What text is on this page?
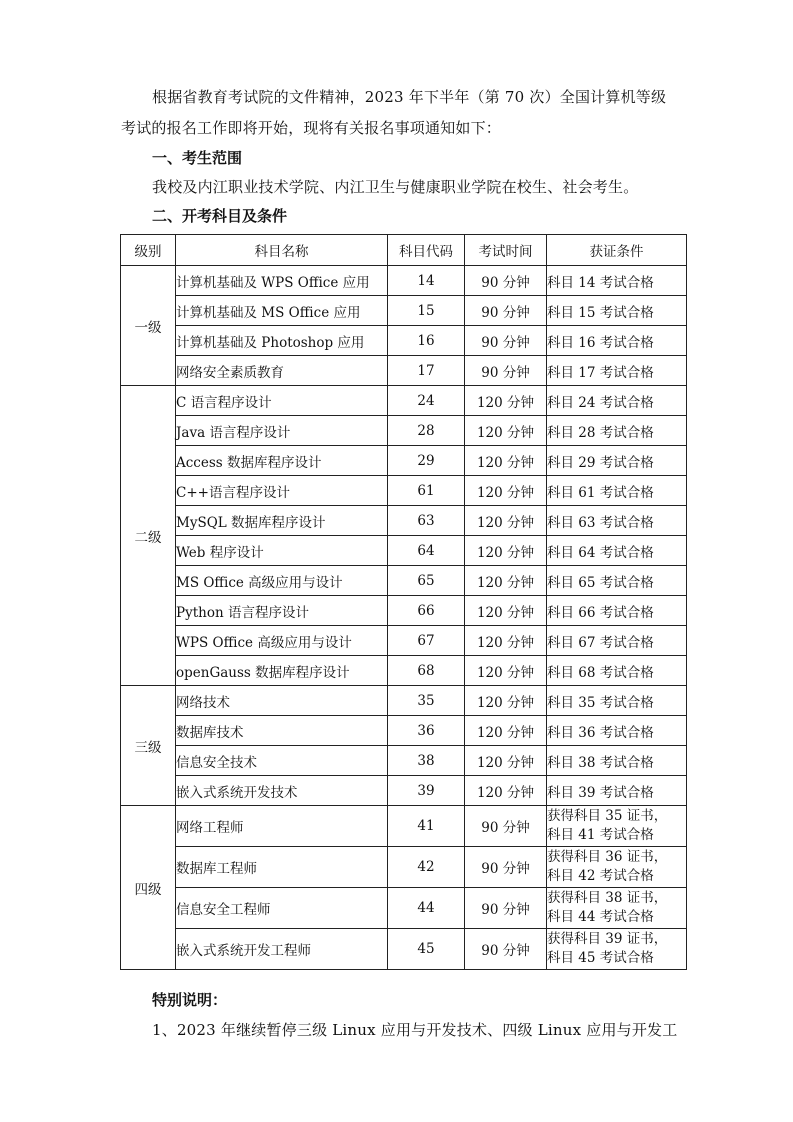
根据省教育考试院的文件精神，2023 年下半年（第 70 次）全国计算机等级
考试的报名工作即将开始，现将有关报名事项通知如下：
一、考生范围
我校及内江职业技术学院、内江卫生与健康职业学院在校生、社会考生。
二、开考科目及条件
级别	科目名称	科目代码	考试时间	获证条件
一级	计算机基础及 WPS Office 应用	14	90 分钟	科目 14 考试合格
	计算机基础及 MS Office 应用	15	90 分钟	科目 15 考试合格
	计算机基础及 Photoshop 应用	16	90 分钟	科目 16 考试合格
	网络安全素质教育	17	90 分钟	科目 17 考试合格
二级	C 语言程序设计	24	120 分钟	科目 24 考试合格
	Java 语言程序设计	28	120 分钟	科目 28 考试合格
	Access 数据库程序设计	29	120 分钟	科目 29 考试合格
	C++语言程序设计	61	120 分钟	科目 61 考试合格
	MySQL 数据库程序设计	63	120 分钟	科目 63 考试合格
	Web 程序设计	64	120 分钟	科目 64 考试合格
	MS Office 高级应用与设计	65	120 分钟	科目 65 考试合格
	Python 语言程序设计	66	120 分钟	科目 66 考试合格
	WPS Office 高级应用与设计	67	120 分钟	科目 67 考试合格
	openGauss 数据库程序设计	68	120 分钟	科目 68 考试合格
三级	网络技术	35	120 分钟	科目 35 考试合格
	数据库技术	36	120 分钟	科目 36 考试合格
	信息安全技术	38	120 分钟	科目 38 考试合格
	嵌入式系统开发技术	39	120 分钟	科目 39 考试合格
四级	网络工程师	41	90 分钟	获得科目 35 证书，
科目 41 考试合格

	数据库工程师	42	90 分钟	获得科目 36 证书，
科目 42 考试合格

	信息安全工程师	44	90 分钟	获得科目 38 证书，
科目 44 考试合格

	嵌入式系统开发工程师	45	90 分钟	获得科目 39 证书，
科目 45 考试合格
特别说明：
1、2023 年继续暂停三级 Linux 应用与开发技术、四级 Linux 应用与开发工
